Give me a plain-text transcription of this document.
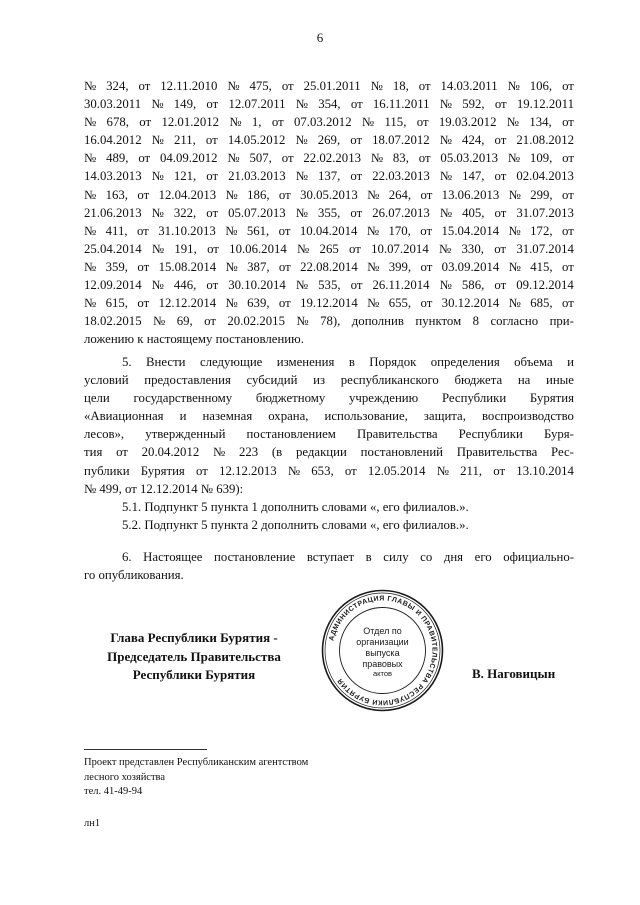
6
№ 324, от 12.11.2010 № 475, от 25.01.2011 № 18, от 14.03.2011 № 106, от
30.03.2011 № 149, от 12.07.2011 № 354, от 16.11.2011 № 592, от 19.12.2011
№ 678, от 12.01.2012 № 1, от 07.03.2012 № 115, от 19.03.2012 № 134, от
16.04.2012 № 211, от 14.05.2012 № 269, от 18.07.2012 № 424, от 21.08.2012
№ 489, от 04.09.2012 № 507, от 22.02.2013 № 83, от 05.03.2013 № 109, от
14.03.2013 № 121, от 21.03.2013 № 137, от 22.03.2013 № 147, от 02.04.2013
№ 163, от 12.04.2013 № 186, от 30.05.2013 № 264, от 13.06.2013 № 299, от
21.06.2013 № 322, от 05.07.2013 № 355, от 26.07.2013 № 405, от 31.07.2013
№ 411, от 31.10.2013 № 561, от 10.04.2014 № 170, от 15.04.2014 № 172, от
25.04.2014 № 191, от 10.06.2014 № 265 от 10.07.2014 № 330, от 31.07.2014
№ 359, от 15.08.2014 № 387, от 22.08.2014 № 399, от 03.09.2014 № 415, от
12.09.2014 № 446, от 30.10.2014 № 535, от 26.11.2014 № 586, от 09.12.2014
№ 615, от 12.12.2014 № 639, от 19.12.2014 № 655, от 30.12.2014 № 685, от
18.02.2015 № 69, от 20.02.2015 № 78), дополнив пунктом 8 согласно при-
ложению к настоящему постановлению.
5. Внести следующие изменения в Порядок определения объема и
условий предоставления субсидий из республиканского бюджета на иные
цели государственному бюджетному учреждению Республики Бурятия
«Авиационная и наземная охрана, использование, защита, воспроизводство
лесов», утвержденный постановлением Правительства Республики Буря-
тия от 20.04.2012 № 223 (в редакции постановлений Правительства Рес-
публики Бурятия от 12.12.2013 № 653, от 12.05.2014 № 211, от 13.10.2014
№ 499, от 12.12.2014 № 639):
5.1. Подпункт 5 пункта 1 дополнить словами «, его филиалов.».
5.2. Подпункт 5 пункта 2 дополнить словами «, его филиалов.».
6. Настоящее постановление вступает в силу со дня его официально-
го опубликования.
Глава Республики Бурятия -
Председатель Правительства
Республики Бурятия
АДМИНИСТРАЦИЯ ГЛАВЫ И ПРАВИТЕЛЬСТВА РЕСПУБЛИКИ БУРЯТИЯ
Отдел по
организации
выпуска
правовых
актов	В. Наговицын
Проект представлен Республиканским агентством
лесного хозяйства
тел. 41-49-94
лн1
